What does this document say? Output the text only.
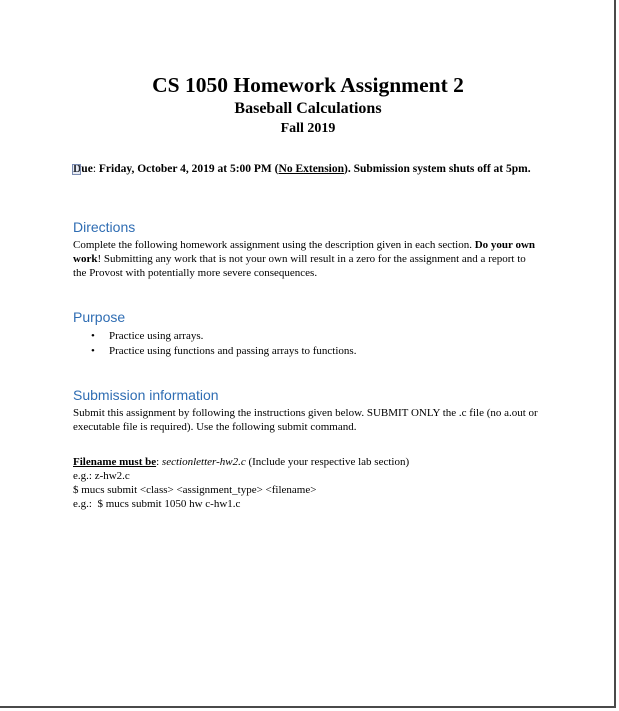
CS 1050 Homework Assignment 2
Baseball Calculations
Fall 2019
Due: Friday, October 4, 2019 at 5:00 PM (No Extension). Submission system shuts off at 5pm.
Directions
Complete the following homework assignment using the description given in each section. Do your own work! Submitting any work that is not your own will result in a zero for the assignment and a report to the Provost with potentially more severe consequences.
Purpose
• Practice using arrays.
• Practice using functions and passing arrays to functions.
Submission information
Submit this assignment by following the instructions given below. SUBMIT ONLY the .c file (no a.out or executable file is required). Use the following submit command.
Filename must be: sectionletter-hw2.c (Include your respective lab section)
e.g.: z-hw2.c
$ mucs submit <class> <assignment_type> <filename>
e.g.:  $ mucs submit 1050 hw c-hw1.c
